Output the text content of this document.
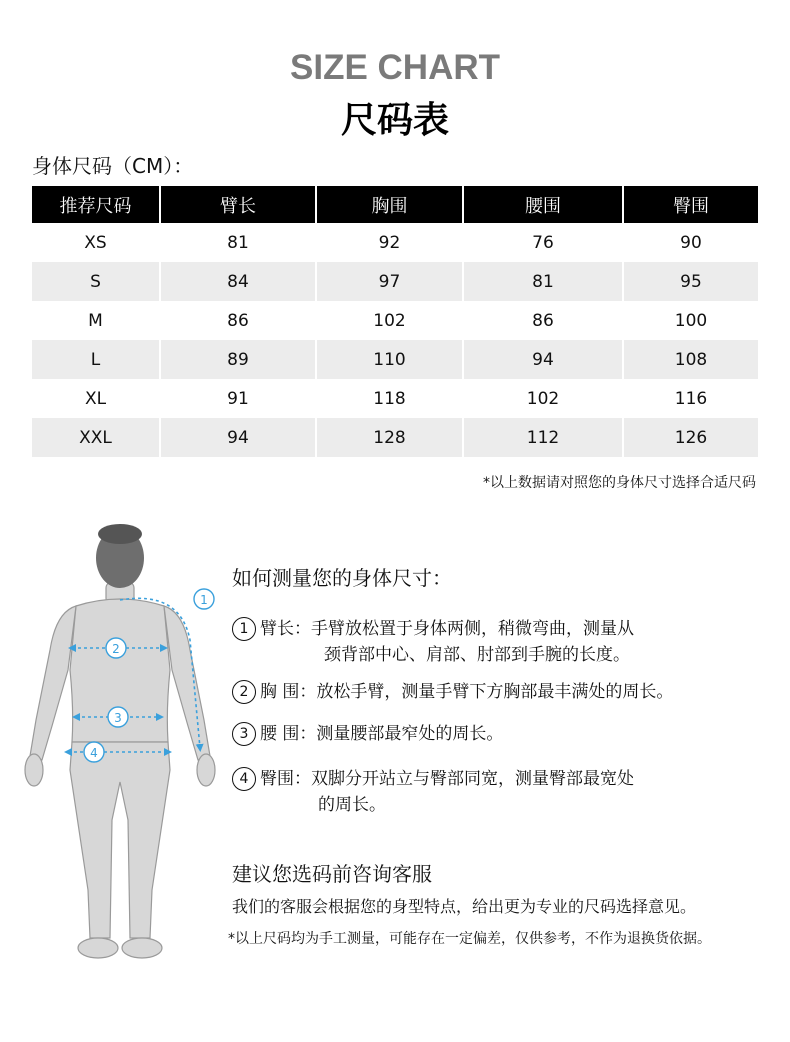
SIZE CHART
尺码表
身体尺码（CM）：
推荐尺码	臂长	胸围	腰围	臀围
XS	81	92	76	90
S	84	97	81	95
M	86	102	86	100
L	89	110	94	108
XL	91	118	102	116
XXL	94	128	112	126
*以上数据请对照您的身体尺寸选择合适尺码
1
2
3
4
如何测量您的身体尺寸：
1 臂长：手臂放松置于身体两侧，稍微弯曲，测量从
颈背部中心、肩部、肘部到手腕的长度。
2 胸 围：放松手臂，测量手臂下方胸部最丰满处的周长。
3 腰 围：测量腰部最窄处的周长。
4 臀围：双脚分开站立与臀部同宽，测量臀部最宽处
的周长。
建议您选码前咨询客服
我们的客服会根据您的身型特点，给出更为专业的尺码选择意见。
*以上尺码均为手工测量，可能存在一定偏差，仅供参考，不作为退换货依据。
